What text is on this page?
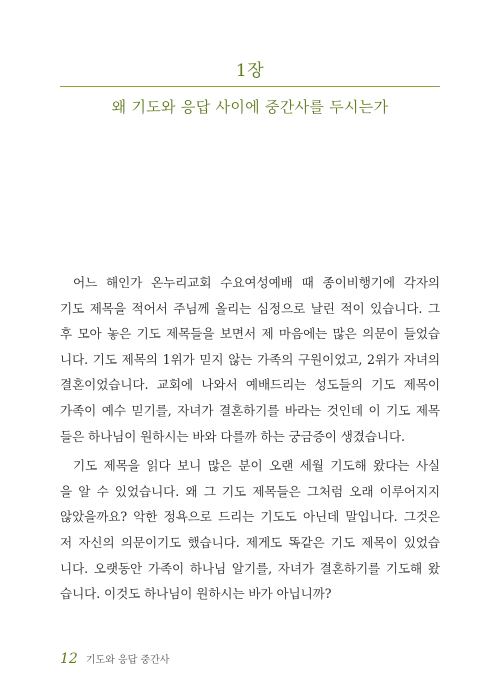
1장
왜 기도와 응답 사이에 중간사를 두시는가
어느 해인가 온누리교회 수요여성예배 때 종이비행기에 각자의
기도 제목을 적어서 주님께 올리는 심정으로 날린 적이 있습니다. 그
후 모아 놓은 기도 제목들을 보면서 제 마음에는 많은 의문이 들었습
니다. 기도 제목의 1위가 믿지 않는 가족의 구원이었고, 2위가 자녀의
결혼이었습니다. 교회에 나와서 예배드리는 성도들의 기도 제목이
가족이 예수 믿기를, 자녀가 결혼하기를 바라는 것인데 이 기도 제목
들은 하나님이 원하시는 바와 다를까 하는 궁금증이 생겼습니다.
기도 제목을 읽다 보니 많은 분이 오랜 세월 기도해 왔다는 사실
을 알 수 있었습니다. 왜 그 기도 제목들은 그처럼 오래 이루어지지
않았을까요? 악한 정욕으로 드리는 기도도 아닌데 말입니다. 그것은
저 자신의 의문이기도 했습니다. 제게도 똑같은 기도 제목이 있었습
니다. 오랫동안 가족이 하나님 알기를, 자녀가 결혼하기를 기도해 왔
습니다. 이것도 하나님이 원하시는 바가 아닙니까?
12 기도와 응답 중간사
